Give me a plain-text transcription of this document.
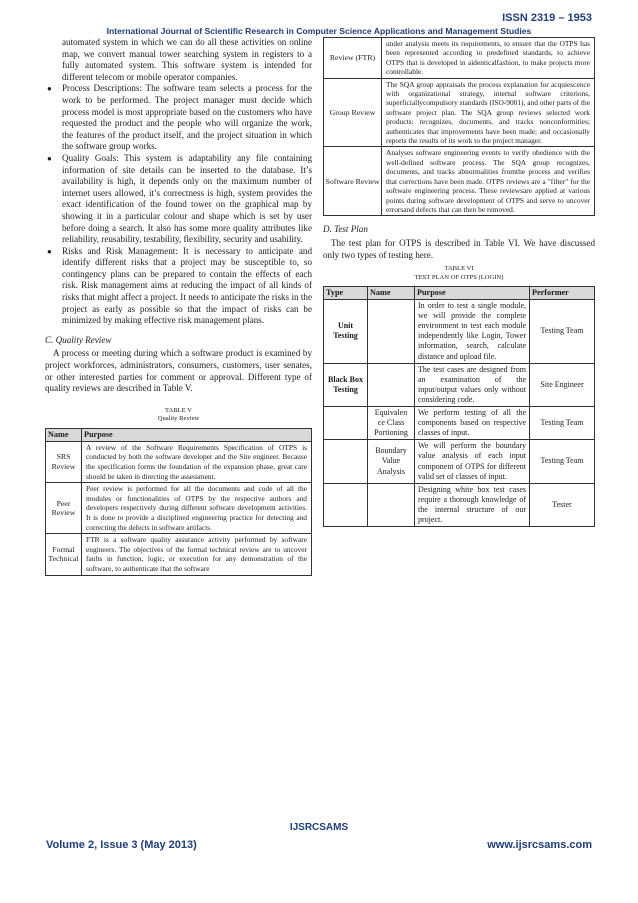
ISSN 2319 – 1953
International Journal of Scientific Research in Computer Science Applications and Management Studies

automated system in which we can do all these activities on online map, we convert manual tower searching system in registers to a fully automated system. This software system is intended for different telecom or mobile operator companies.

● Process Descriptions: The software team selects a process for the work to be performed. The project manager must decide which process model is most appropriate based on the customers who have requested the product and the people who will organize the work, the features of the product itself, and the project situation in which the software group works.
● Quality Goals: This system is adaptability any file containing information of site details can be inserted to the database. It’s availability is high, it depends only on the maximum number of internet users allowed, it’s correctness is high, system provides the exact identification of the found tower on the graphical map by showing it in a particular colour and shape which is set by user before doing a search. It also has some more quality attributes like reliability, reusability, testability, flexibility, security and usability.
● Risks and Risk Management: It is necessary to anticipate and identify different risks that a project may be susceptible to, so contingency plans can be prepared to contain the effects of each risk. Risk management aims at reducing the impact of all kinds of risks that might affect a project. It needs to anticipate the risks in the project as early as possible so that the impact of risks can be minimized by making effective risk management plans.

C. Quality Review

A process or meeting during which a software product is examined by project workforces, administrators, consumers, customers, user senates, or other interested parties for comment or approval. Different type of quality reviews are described in Table V.

TABLE V

Quality Review

Name	Purpose
SRS Review	A review of the Software Requirements Specification of OTPS is conducted by both the software developer and the Site engineer. Because the specification forms the foundation of the expansion phase, great care should be taken in directing the assessment.
Peer Review	Peer review is performed for all the documents and code of all the modules or functionalities of OTPS by the respective authors and developers respectively during different software development activities. It is done to provide a disciplined engineering practice for detecting and correcting the defects in software artifacts.
Formal Technical	FTR is a software quality assurance activity performed by software engineers. The objectives of the formal technical review are to uncover faults in function, logic, or execution for any demonstration of the software, to authenticate that the software
Review (FTR)	under analysis meets its requirements, to ensure that the OTPS has been represented according to predefined standards, to achieve OTPS that is developed in aidenticalfashion, to make projects more controllable.
Group Review	The SQA group appraisals the process explanation for acquiescence with organizational strategy, internal software criterions, superficiallycompulsory standards (ISO-9001), and other parts of the software project plan. The SQA group reviews selected work products: recognizes, documents, and tracks nonconformities; authenticates that improvements have been made; and occasionally reports the results of its work to the project manager.
Software Review	Analyses software engineering events to verify obedience with the well-defined software process. The SQA group recognizes, documents, and tracks abnormalities fromthe process and verifies that corrections have been made. OTPS reviews are a "filter" for the software engineering process. These reviewsare applied at various points during software development of OTPS and serve to uncover errorsand defects that can then be removed.

D. Test Plan

The test plan for OTPS is described in Table VI. We have discussed only two types of testing here.

TABLE VI

TEST PLAN OF OTPS (LOGIN)

Type	Name	Purpose	Performer
Unit Testing		In order to test a single module, we will provide the complete environment to test each module independently like Login, Tower information, search, calculate distance and upload file.	Testing Team
Black Box Testing		The test cases are designed from an examination of the input/output values only without considering code.	Site Engineer
	Equivalen ce Class Portioning	We perform testing of all the components based on respective classes of input.	Testing Team
	Boundary Value Analysis	We will perform the boundary value analysis of each input component of OTPS for different valid set of classes of input.	Testing Team
		Designing white box test cases require a thorough knowledge of the internal structure of our project.	Tester
IJSRCSAMS
Volume 2, Issue 3 (May 2013)	www.ijsrcsams.com
